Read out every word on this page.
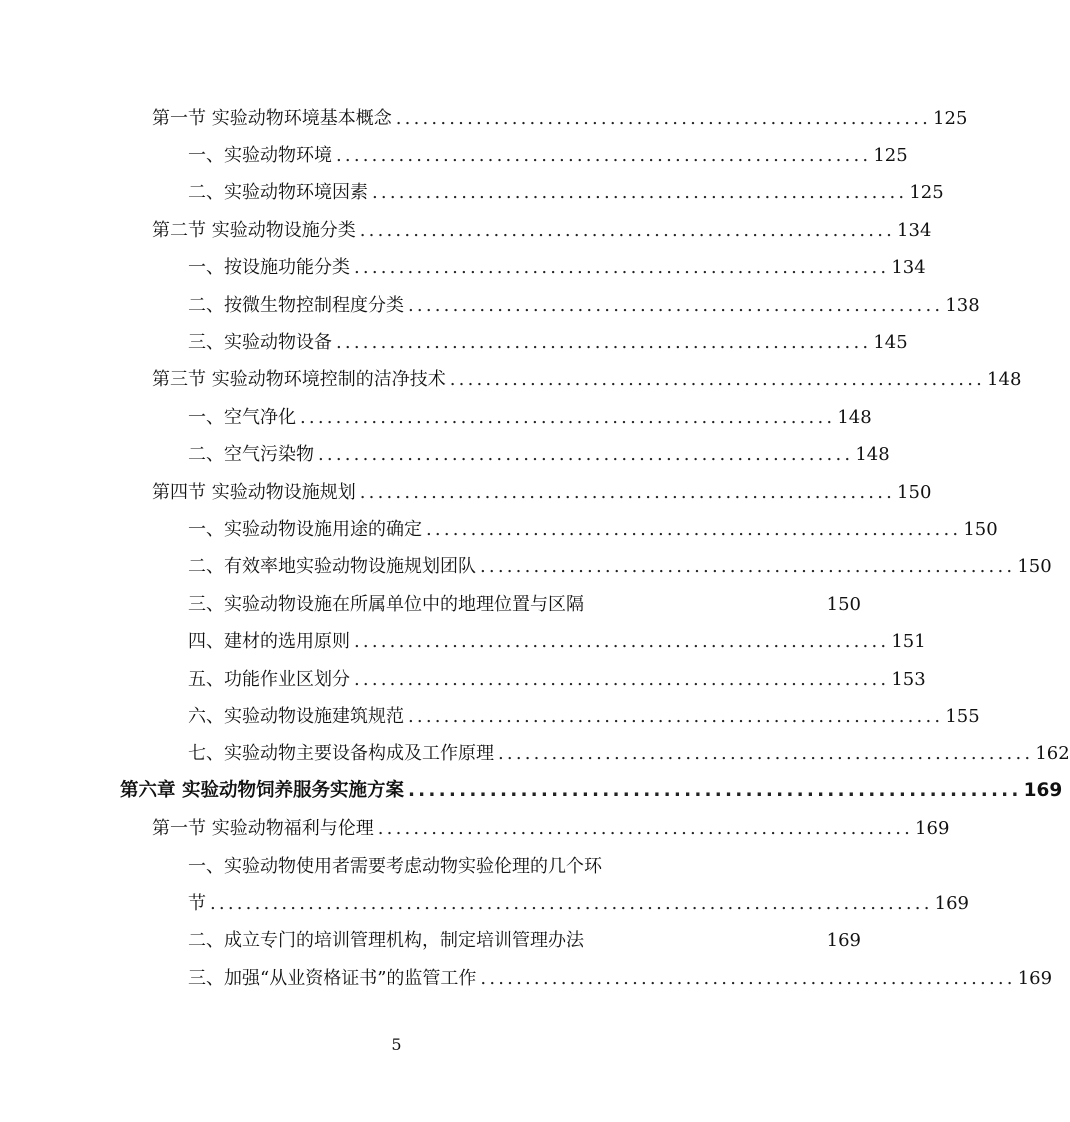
第一节 实验动物环境基本概念 ............................................................ 125
一、实验动物环境 ............................................................ 125
二、实验动物环境因素 ............................................................ 125
第二节 实验动物设施分类 ............................................................ 134
一、按设施功能分类 ............................................................ 134
二、按微生物控制程度分类 ............................................................ 138
三、实验动物设备 ............................................................ 145
第三节 实验动物环境控制的洁净技术 ............................................................ 148
一、空气净化 ............................................................ 148
二、空气污染物 ............................................................ 148
第四节 实验动物设施规划 ............................................................ 150
一、实验动物设施用途的确定 ............................................................ 150
二、有效率地实验动物设施规划团队 ............................................................ 150
三、实验动物设施在所属单位中的地理位置与区隔	150
四、建材的选用原则 ............................................................ 151
五、功能作业区划分 ............................................................ 153
六、实验动物设施建筑规范 ............................................................ 155
七、实验动物主要设备构成及工作原理 ............................................................ 162
第六章 实验动物饲养服务实施方案 ............................................................ 169
第一节 实验动物福利与伦理 ............................................................ 169
一、实验动物使用者需要考虑动物实验伦理的几个环
节 ................................................................................. 169
二、成立专门的培训管理机构，制定培训管理办法	169
三、加强“从业资格证书”的监管工作 ............................................................ 169
5
